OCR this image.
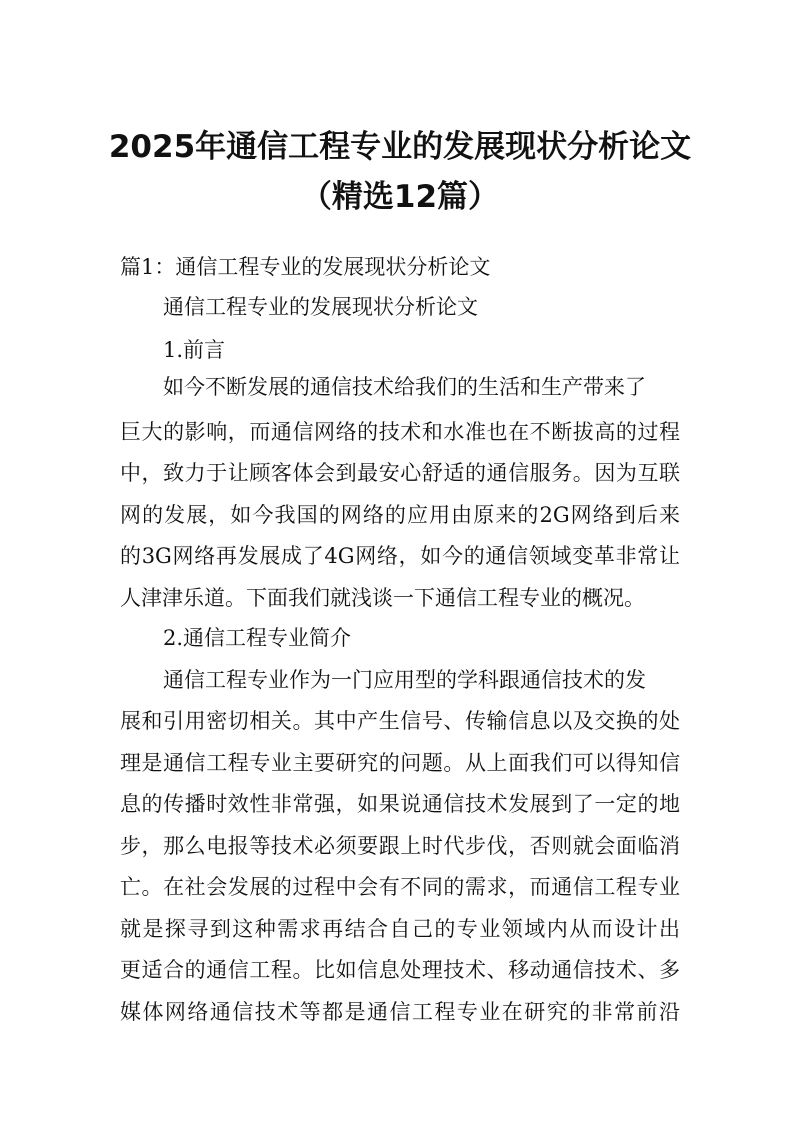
2025年通信工程专业的发展现状分析论文
（精选12篇）

篇1：通信工程专业的发展现状分析论文

通信工程专业的发展现状分析论文

1.前言

如今不断发展的通信技术给我们的生活和生产带来了

巨大的影响，而通信网络的技术和水准也在不断拔高的过程

中，致力于让顾客体会到最安心舒适的通信服务。因为互联

网的发展，如今我国的网络的应用由原来的2G网络到后来

的3G网络再发展成了4G网络，如今的通信领域变革非常让

人津津乐道。下面我们就浅谈一下通信工程专业的概况。

2.通信工程专业简介

通信工程专业作为一门应用型的学科跟通信技术的发

展和引用密切相关。其中产生信号、传输信息以及交换的处

理是通信工程专业主要研究的问题。从上面我们可以得知信

息的传播时效性非常强，如果说通信技术发展到了一定的地

步，那么电报等技术必须要跟上时代步伐，否则就会面临消

亡。在社会发展的过程中会有不同的需求，而通信工程专业

就是探寻到这种需求再结合自己的专业领域内从而设计出

更适合的通信工程。比如信息处理技术、移动通信技术、多

媒体网络通信技术等都是通信工程专业在研究的非常前沿
